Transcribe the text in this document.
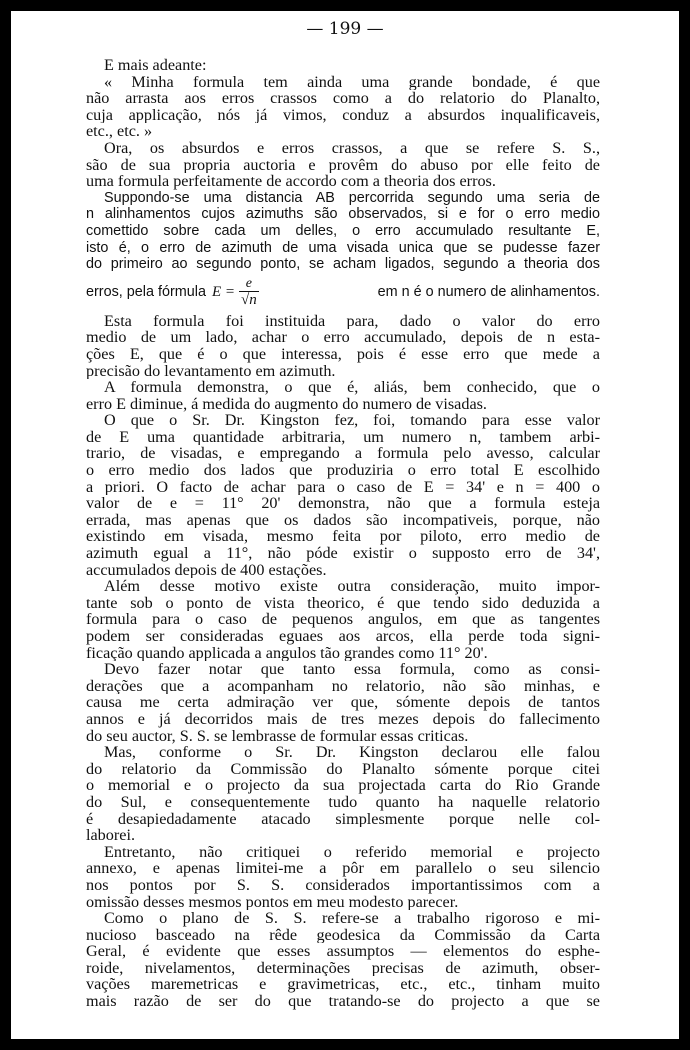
— 199 —
E mais adeante:
« Minha formula tem ainda uma grande bondade, é que
não arrasta aos erros crassos como a do relatorio do Planalto,
cuja applicação, nós já vimos, conduz a absurdos inqualificaveis,
etc., etc. »
Ora, os absurdos e erros crassos, a que se refere S. S.,
são de sua propria auctoria e provêm do abuso por elle feito de
uma formula perfeitamente de accordo com a theoria dos erros.
Suppondo-se uma distancia AB percorrida segundo uma seria de
n alinhamentos cujos azimuths são observados, si e for o erro medio
comettido sobre cada um delles, o erro accumulado resultante E,
isto é, o erro de azimuth de uma visada unica que se pudesse fazer
do primeiro ao segundo ponto, se acham ligados, segundo a theoria dos
erros, pela fórmula $E = \frac{e}{√n}$	em n é o numero de alinhamentos.
Esta formula foi instituida para, dado o valor do erro
medio de um lado, achar o erro accumulado, depois de n esta-
ções E, que é o que interessa, pois é esse erro que mede a
precisão do levantamento em azimuth.
A formula demonstra, o que é, aliás, bem conhecido, que o
erro E diminue, á medida do augmento do numero de visadas.
O que o Sr. Dr. Kingston fez, foi, tomando para esse valor
de E uma quantidade arbitraria, um numero n, tambem arbi-
trario, de visadas, e empregando a formula pelo avesso, calcular
o erro medio dos lados que produziria o erro total E escolhido
a priori. O facto de achar para o caso de E = 34' e n = 400 o
valor de e = 11° 20' demonstra, não que a formula esteja
errada, mas apenas que os dados são incompativeis, porque, não
existindo em visada, mesmo feita por piloto, erro medio de
azimuth egual a 11°, não póde existir o supposto erro de 34',
accumulados depois de 400 estações.
Além desse motivo existe outra consideração, muito impor-
tante sob o ponto de vista theorico, é que tendo sido deduzida a
formula para o caso de pequenos angulos, em que as tangentes
podem ser consideradas eguaes aos arcos, ella perde toda signi-
ficação quando applicada a angulos tão grandes como 11° 20'.
Devo fazer notar que tanto essa formula, como as consi-
derações que a acompanham no relatorio, não são minhas, e
causa me certa admiração ver que, sómente depois de tantos
annos e já decorridos mais de tres mezes depois do fallecimento
do seu auctor, S. S. se lembrasse de formular essas criticas.
Mas, conforme o Sr. Dr. Kingston declarou elle falou
do relatorio da Commissão do Planalto sómente porque citei
o memorial e o projecto da sua projectada carta do Rio Grande
do Sul, e consequentemente tudo quanto ha naquelle relatorio
é desapiedadamente atacado simplesmente porque nelle col-
laborei.
Entretanto, não critiquei o referido memorial e projecto
annexo, e apenas limitei-me a pôr em parallelo o seu silencio
nos pontos por S. S. considerados importantissimos com a
omissão desses mesmos pontos em meu modesto parecer.
Como o plano de S. S. refere-se a trabalho rigoroso e mi-
nucioso basceado na rêde geodesica da Commissão da Carta
Geral, é evidente que esses assumptos — elementos do esphe-
roide, nivelamentos, determinações precisas de azimuth, obser-
vações maremetricas e gravimetricas, etc., etc., tinham muito
mais razão de ser do que tratando-se do projecto a que se
